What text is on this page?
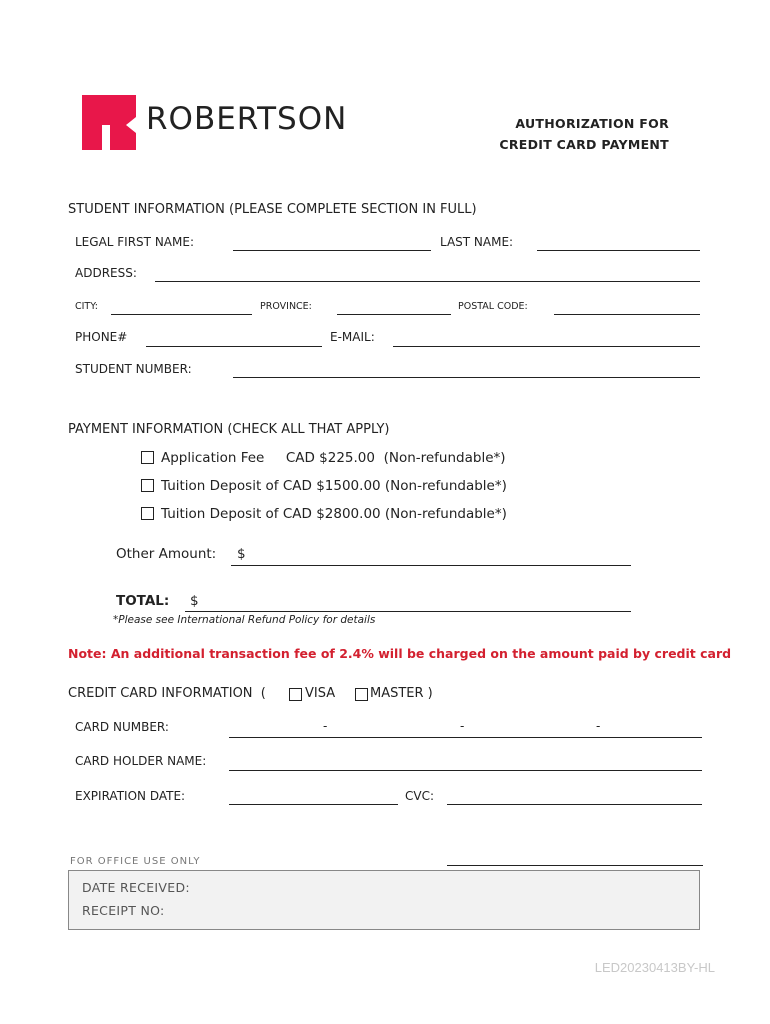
ROBERTSON	AUTHORIZATION FOR
CREDIT CARD PAYMENT
STUDENT INFORMATION (PLEASE COMPLETE SECTION IN FULL)
LEGAL FIRST NAME:	LAST NAME:
ADDRESS:
CITY:	PROVINCE:	POSTAL CODE:
PHONE#	E-MAIL:
STUDENT NUMBER:
PAYMENT INFORMATION (CHECK ALL THAT APPLY)
Application Fee     CAD $225.00  (Non-refundable*)
Tuition Deposit of CAD $1500.00 (Non-refundable*)
Tuition Deposit of CAD $2800.00 (Non-refundable*)
Other Amount: $
TOTAL: $
*Please see International Refund Policy for details
Note: An additional transaction fee of 2.4% will be charged on the amount paid by credit card
CREDIT CARD INFORMATION  (	VISA	MASTER )
CARD NUMBER:	-	-	-
CARD HOLDER NAME:
EXPIRATION DATE:	CVC:
FOR OFFICE USE ONLY
DATE RECEIVED:
RECEIPT NO:
LED20230413BY-HL
